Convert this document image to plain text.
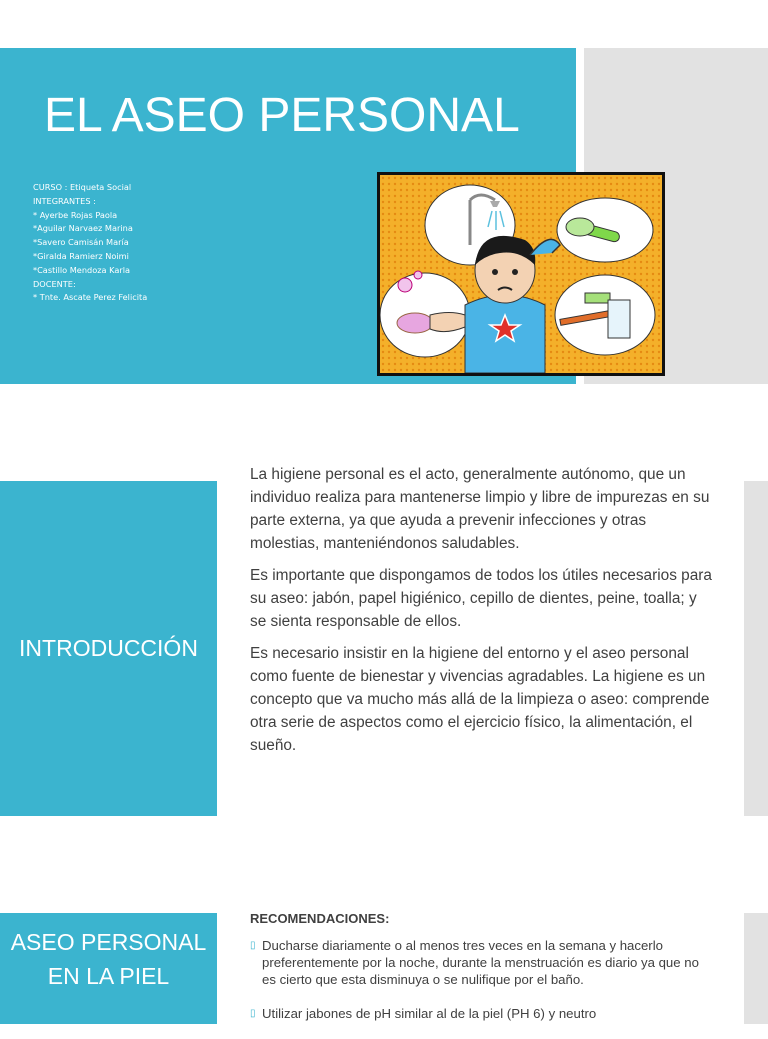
EL ASEO PERSONAL
CURSO : Etiqueta Social
INTEGRANTES :
* Ayerbe Rojas Paola
*Aguilar Narvaez Marina
*Savero Camisán María
*Giralda Ramierz Noimi
*Castillo Mendoza Karla
DOCENTE:
* Tnte. Ascate Perez Felicita
INTRODUCCIÓN

La higiene personal es el acto, generalmente autónomo, que un individuo realiza para mantenerse limpio y libre de impurezas en su parte externa, ya que ayuda a prevenir infecciones y otras molestias, manteniéndonos saludables.

Es importante que dispongamos de todos los útiles necesarios para su aseo: jabón, papel higiénico, cepillo de dientes, peine, toalla; y se sienta responsable de ellos.

Es necesario insistir en la higiene del entorno y el aseo personal como fuente de bienestar y vivencias agradables. La higiene es un concepto que va mucho más allá de la limpieza o aseo: comprende otra serie de aspectos como el ejercicio físico, la alimentación, el sueño.

ASEO PERSONAL EN LA PIEL
RECOMENDACIONES:
▯ Ducharse diariamente o al menos tres veces en la semana y hacerlo preferentemente por la noche, durante la menstruación es diario ya que no es cierto que esta disminuya o se nulifique por el baño.
▯ Utilizar jabones de pH similar al de la piel (PH 6) y neutro
